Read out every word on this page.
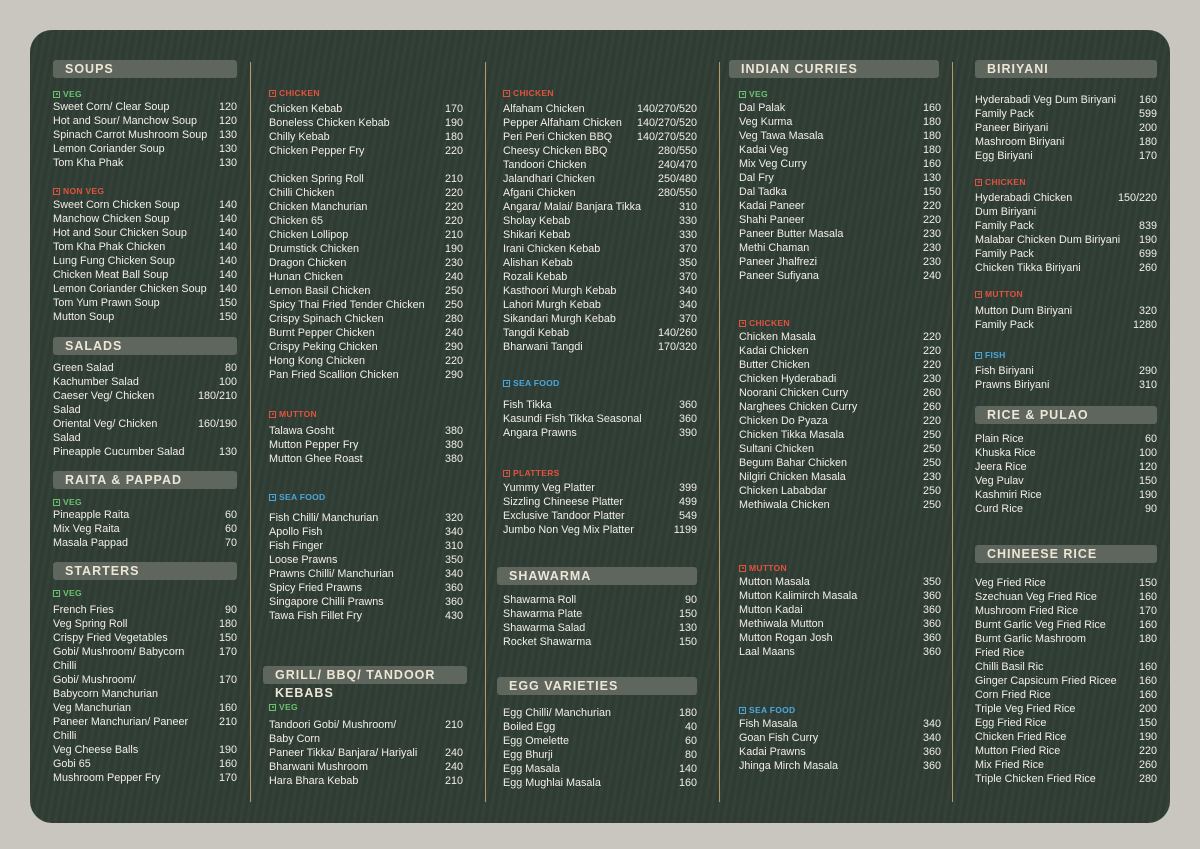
SOUPS
VEG
Sweet Corn/ Clear Soup	120
Hot and Sour/ Manchow Soup 120
Spinach Carrot Mushroom Soup 130
Lemon Coriander Soup	130
Tom Kha Phak	130
NON VEG
Sweet Corn Chicken Soup	140
Manchow Chicken Soup	140
Hot and Sour Chicken Soup	140
Tom Kha Phak Chicken	140
Lung Fung Chicken Soup	140
Chicken Meat Ball Soup	140
Lemon Coriander Chicken Soup 140
Tom Yum Prawn Soup	150
Mutton Soup	150
SALADS
Green Salad	80
Kachumber Salad	100
Caeser Veg/ Chicken
Salad
180/210
Oriental Veg/ Chicken
Salad
160/190
Pineapple Cucumber Salad	130
RAITA & PAPPAD
VEG
Pineapple Raita	60
Mix Veg Raita	60
Masala Pappad	70
STARTERS
VEG
French Fries	90
Veg Spring Roll	180
Crispy Fried Vegetables	150
Gobi/ Mushroom/ Babycorn
Chilli
170
Gobi/ Mushroom/
Babycorn Manchurian
170
Veg Manchurian	160
Paneer Manchurian/ Paneer
Chilli
210
Veg Cheese Balls	190
Gobi 65	160
Mushroom Pepper Fry	170
CHICKEN
Chicken Kebab	170
Boneless Chicken Kebab	190
Chilly Kebab	180
Chicken Pepper Fry	220
Chicken Spring Roll	210
Chilli Chicken	220
Chicken Manchurian	220
Chicken 65	220
Chicken Lollipop	210
Drumstick Chicken	190
Dragon Chicken	230
Hunan Chicken	240
Lemon Basil Chicken	250
Spicy Thai Fried Tender Chicken 250
Crispy Spinach Chicken	280
Burnt Pepper Chicken	240
Crispy Peking Chicken	290
Hong Kong Chicken	220
Pan Fried Scallion Chicken	290
MUTTON
Talawa Gosht	380
Mutton Pepper Fry	380
Mutton Ghee Roast	380
SEA FOOD
Fish Chilli/ Manchurian	320
Apollo Fish	340
Fish Finger	310
Loose Prawns	350
Prawns Chilli/ Manchurian	340
Spicy Fried Prawns	360
Singapore Chilli Prawns	360
Tawa Fish Fillet Fry	430
GRILL/ BBQ/ TANDOOR KEBABS
VEG
Tandoori Gobi/ Mushroom/
Baby Corn
210
Paneer Tikka/ Banjara/ Hariyali	240
Bharwani Mushroom	240
Hara Bhara Kebab	210
CHICKEN
Alfaham Chicken	140/270/520
Pepper Alfaham Chicken 140/270/520
Peri Peri Chicken BBQ 140/270/520
Cheesy Chicken BBQ	280/550
Tandoori Chicken	240/470
Jalandhari Chicken	250/480
Afgani Chicken	280/550
Angara/ Malai/ Banjara Tikka	310
Sholay Kebab	330
Shikari Kebab	330
Irani Chicken Kebab	370
Alishan Kebab	350
Rozali Kebab	370
Kasthoori Murgh Kebab	340
Lahori Murgh Kebab	340
Sikandari Murgh Kebab	370
Tangdi Kebab	140/260
Bharwani Tangdi	170/320
SEA FOOD
Fish Tikka	360
Kasundi Fish Tikka Seasonal	360
Angara Prawns	390
PLATTERS
Yummy Veg Platter	399
Sizzling Chineese Platter	499
Exclusive Tandoor Platter	549
Jumbo Non Veg Mix Platter	1199
SHAWARMA
Shawarma Roll	90
Shawarma Plate	150
Shawarma Salad	130
Rocket Shawarma	150
EGG VARIETIES
Egg Chilli/ Manchurian	180
Boiled Egg	40
Egg Omelette	60
Egg Bhurji	80
Egg Masala	140
Egg Mughlai Masala	160
INDIAN CURRIES
VEG
Dal Palak	160
Veg Kurma	180
Veg Tawa Masala	180
Kadai Veg	180
Mix Veg Curry	160
Dal Fry	130
Dal Tadka	150
Kadai Paneer	220
Shahi Paneer	220
Paneer Butter Masala	230
Methi Chaman	230
Paneer Jhalfrezi	230
Paneer Sufiyana	240
CHICKEN
Chicken Masala	220
Kadai Chicken	220
Butter Chicken	220
Chicken Hyderabadi	230
Noorani Chicken Curry	260
Narghees Chicken Curry	260
Chicken Do Pyaza	220
Chicken Tikka Masala	250
Sultani Chicken	250
Begum Bahar Chicken	250
Nilgiri Chicken Masala	230
Chicken Lababdar	250
Methiwala Chicken	250
MUTTON
Mutton Masala	350
Mutton Kalimirch Masala	360
Mutton Kadai	360
Methiwala Mutton	360
Mutton Rogan Josh	360
Laal Maans	360
SEA FOOD
Fish Masala	340
Goan Fish Curry	340
Kadai Prawns	360
Jhinga Mirch Masala	360
BIRIYANI
Hyderabadi Veg Dum Biriyani 160
Family Pack	599
Paneer Biriyani	200
Mashroom Biriyani	180
Egg Biriyani	170
CHICKEN
Hyderabadi Chicken
Dum Biriyani
150/220
Family Pack	839
Malabar Chicken Dum Biriyani 190
Family Pack	699
Chicken Tikka Biriyani	260
MUTTON
Mutton Dum Biriyani	320
Family Pack	1280
FISH
Fish Biriyani	290
Prawns Biriyani	310
RICE & PULAO
Plain Rice	60
Khuska Rice	100
Jeera Rice	120
Veg Pulav	150
Kashmiri Rice	190
Curd Rice	90
CHINEESE RICE
Veg Fried Rice	150
Szechuan Veg Fried Rice	160
Mushroom Fried Rice	170
Burnt Garlic Veg Fried Rice	160
Burnt Garlic Mashroom
Fried Rice
180
Chilli Basil Ric	160
Ginger Capsicum Fried Ricee 160
Corn Fried Rice	160
Triple Veg Fried Rice	200
Egg Fried Rice	150
Chicken Fried Rice	190
Mutton Fried Rice	220
Mix Fried Rice	260
Triple Chicken Fried Rice	280
